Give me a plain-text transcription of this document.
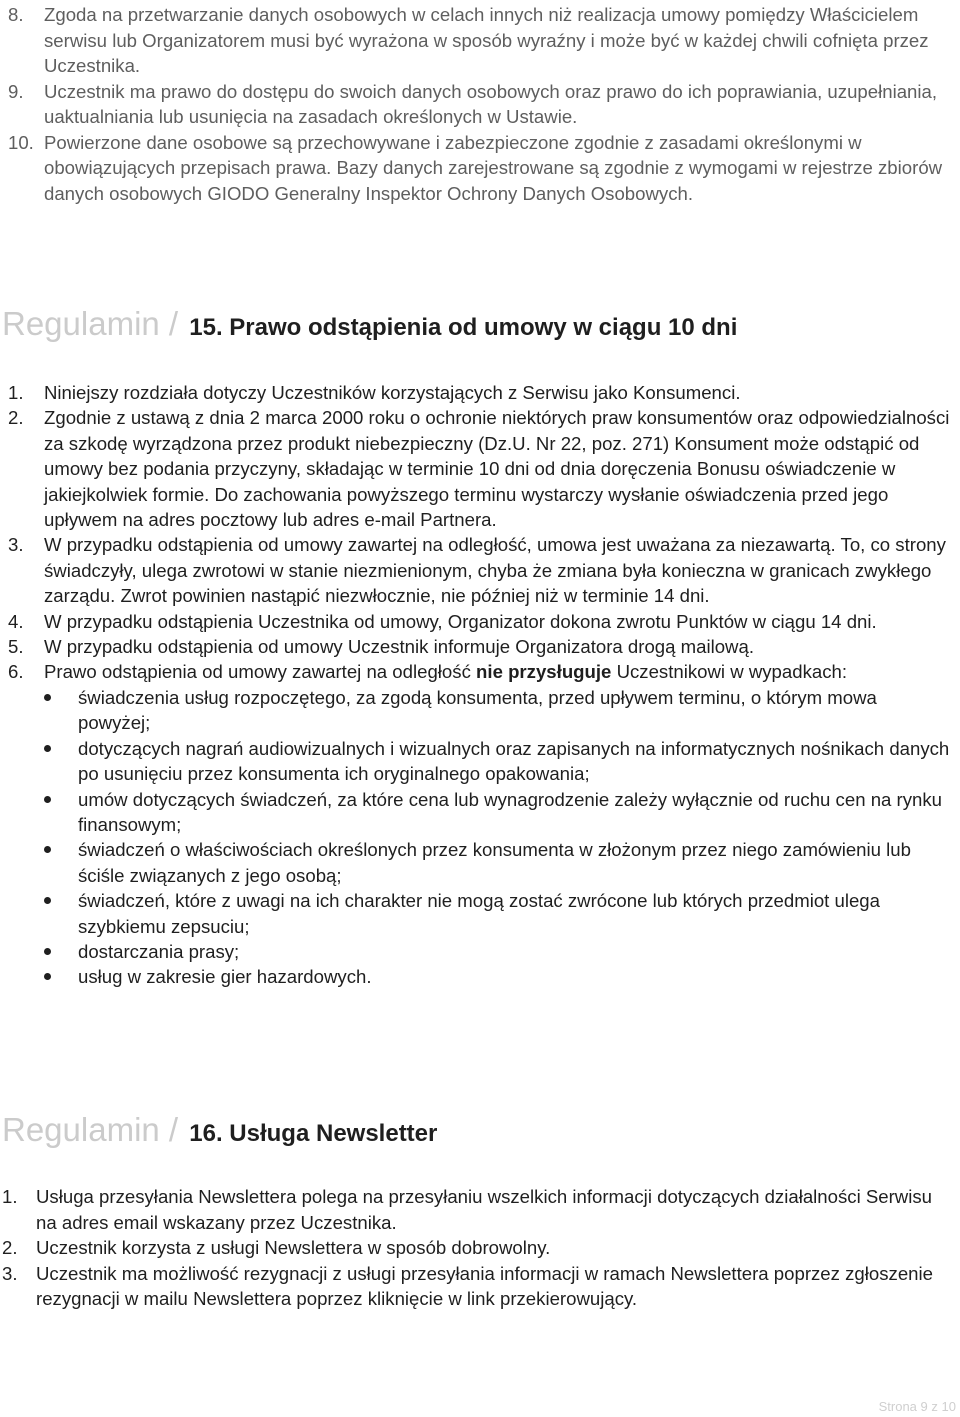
8. Zgoda na przetwarzanie danych osobowych w celach innych niż realizacja umowy pomiędzy Właścicielem serwisu lub Organizatorem musi być wyrażona w sposób wyraźny i może być w każdej chwili cofnięta przez Uczestnika.
9. Uczestnik ma prawo do dostępu do swoich danych osobowych oraz prawo do ich poprawiania, uzupełniania, uaktualniania lub usunięcia na zasadach określonych w Ustawie.
10. Powierzone dane osobowe są przechowywane i zabezpieczone zgodnie z zasadami określonymi w obowiązujących przepisach prawa. Bazy danych zarejestrowane są zgodnie z wymogami w rejestrze zbiorów danych osobowych GIODO Generalny Inspektor Ochrony Danych Osobowych.
Regulamin / 15. Prawo odstąpienia od umowy w ciągu 10 dni
1. Niniejszy rozdziała dotyczy Uczestników korzystających z Serwisu jako Konsumenci.
2. Zgodnie z ustawą z dnia 2 marca 2000 roku o ochronie niektórych praw konsumentów oraz odpowiedzialności za szkodę wyrządzona przez produkt niebezpieczny (Dz.U. Nr 22, poz. 271) Konsument może odstąpić od umowy bez podania przyczyny, składając w terminie 10 dni od dnia doręczenia Bonusu oświadczenie w jakiejkolwiek formie. Do zachowania powyższego terminu wystarczy wysłanie oświadczenia przed jego upływem na adres pocztowy lub adres e-mail Partnera.
3. W przypadku odstąpienia od umowy zawartej na odległość, umowa jest uważana za niezawartą. To, co strony świadczyły, ulega zwrotowi w stanie niezmienionym, chyba że zmiana była konieczna w granicach zwykłego zarządu. Zwrot powinien nastąpić niezwłocznie, nie później niż w terminie 14 dni.
4. W przypadku odstąpienia Uczestnika od umowy, Organizator dokona zwrotu Punktów w ciągu 14 dni.
5. W przypadku odstąpienia od umowy Uczestnik informuje Organizatora drogą mailową.
6. Prawo odstąpienia od umowy zawartej na odległość nie przysługuje Uczestnikowi w wypadkach:
świadczenia usług rozpoczętego, za zgodą konsumenta, przed upływem terminu, o którym mowa powyżej;
dotyczących nagrań audiowizualnych i wizualnych oraz zapisanych na informatycznych nośnikach danych po usunięciu przez konsumenta ich oryginalnego opakowania;
umów dotyczących świadczeń, za które cena lub wynagrodzenie zależy wyłącznie od ruchu cen na rynku finansowym;
świadczeń o właściwościach określonych przez konsumenta w złożonym przez niego zamówieniu lub ściśle związanych z jego osobą;
świadczeń, które z uwagi na ich charakter nie mogą zostać zwrócone lub których przedmiot ulega szybkiemu zepsuciu;
dostarczania prasy;
usług w zakresie gier hazardowych.
Regulamin / 16. Usługa Newsletter
1. Usługa przesyłania Newslettera polega na przesyłaniu wszelkich informacji dotyczących działalności Serwisu na adres email wskazany przez Uczestnika.
2. Uczestnik korzysta z usługi Newslettera w sposób dobrowolny.
3. Uczestnik ma możliwość rezygnacji z usługi przesyłania informacji w ramach Newslettera poprzez zgłoszenie rezygnacji w mailu Newslettera poprzez kliknięcie w link przekierowujący.
Strona 9 z 10
